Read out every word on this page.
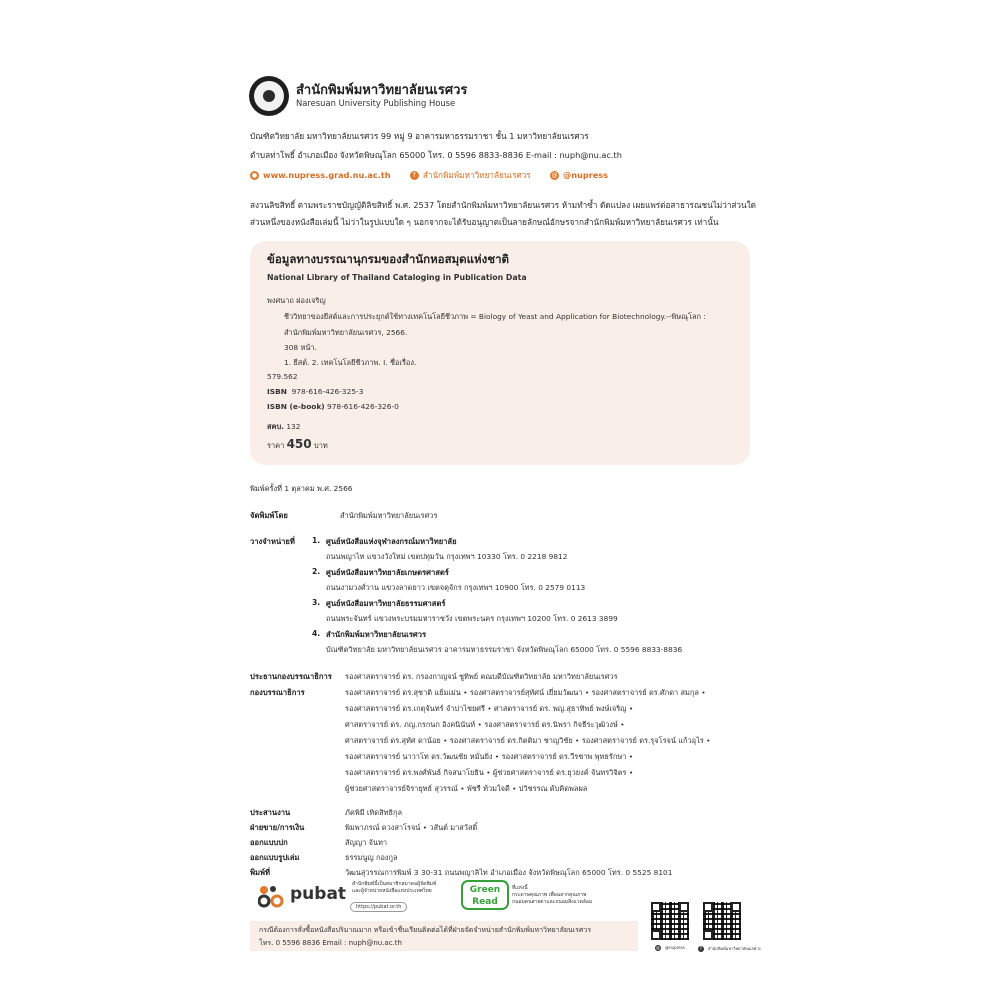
สำนักพิมพ์มหาวิทยาลัยนเรศวร
Naresuan University Publishing House
บัณฑิตวิทยาลัย มหาวิทยาลัยนเรศวร 99 หมู่ 9 อาคารมหาธรรมราชา ชั้น 1 มหาวิทยาลัยนเรศวร
ตำบลท่าโพธิ์ อำเภอเมือง จังหวัดพิษณุโลก 65000 โทร. 0 5596 8833-8836 E-mail : nuph@nu.ac.th
● www.nupress.grad.nu.ac.th	f สำนักพิมพ์มหาวิทยาลัยนเรศวร	@ @nupress
สงวนลิขสิทธิ์ ตามพระราชบัญญัติลิขสิทธิ์ พ.ศ. 2537 โดยสำนักพิมพ์มหาวิทยาลัยนเรศวร ห้ามทำซ้ำ ดัดแปลง เผยแพร่ต่อสาธารณชนไม่ว่าส่วนใด
ส่วนหนึ่งของหนังสือเล่มนี้ ไม่ว่าในรูปแบบใด ๆ นอกจากจะได้รับอนุญาตเป็นลายลักษณ์อักษรจากสำนักพิมพ์มหาวิทยาลัยนเรศวร เท่านั้น
ข้อมูลทางบรรณานุกรมของสำนักหอสมุดแห่งชาติ
National Library of Thailand Cataloging in Publication Data
พงศนาถ ผ่องเจริญ
ชีววิทยาของยีสต์และการประยุกต์ใช้ทางเทคโนโลยีชีวภาพ = Biology of Yeast and Application for Biotechnology.--พิษณุโลก :
สำนักพิมพ์มหาวิทยาลัยนเรศวร, 2566.
308 หน้า.
1. ยีสต์. 2. เทคโนโลยีชีวภาพ. I. ชื่อเรื่อง.
579.562
ISBN 978-616-426-325-3
ISBN (e-book) 978-616-426-326-0
สคบ. 132
ราคา 450 บาท
พิมพ์ครั้งที่ 1 ตุลาคม พ.ศ. 2566
จัดพิมพ์โดย	สำนักพิมพ์มหาวิทยาลัยนเรศวร
วางจำหน่ายที่ 1. ศูนย์หนังสือแห่งจุฬาลงกรณ์มหาวิทยาลัย
ถนนพญาไท แขวงวังใหม่ เขตปทุมวัน กรุงเทพฯ 10330 โทร. 0 2218 9812
2. ศูนย์หนังสือมหาวิทยาลัยเกษตรศาสตร์
ถนนงามวงศ์วาน แขวงลาดยาว เขตจตุจักร กรุงเทพฯ 10900 โทร. 0 2579 0113
3. ศูนย์หนังสือมหาวิทยาลัยธรรมศาสตร์
ถนนพระจันทร์ แขวงพระบรมมหาราชวัง เขตพระนคร กรุงเทพฯ 10200 โทร. 0 2613 3899
4. สำนักพิมพ์มหาวิทยาลัยนเรศวร
บัณฑิตวิทยาลัย มหาวิทยาลัยนเรศวร อาคารมหาธรรมราชา จังหวัดพิษณุโลก 65000 โทร. 0 5596 8833-8836
ประธานกองบรรณาธิการ รองศาสตราจารย์ ดร. กรองกาญจน์ ชูทิพย์ คณบดีบัณฑิตวิทยาลัย มหาวิทยาลัยนเรศวร
กองบรรณาธิการ	รองศาสตราจารย์ ดร.สุชาติ แย้มเม่น • รองศาสตราจารย์สุทัศน์ เยี่ยมวัฒนา • รองศาสตราจารย์ ดร.ศักดา สมกุล •
รองศาสตราจารย์ ดร.เกตุจันทร์ จำปาไชยศรี • ศาสตราจารย์ ดร. พญ.สุธาทิพย์ พงษ์เจริญ •
ศาสตราจารย์ ดร. ภญ.กรกนก อิงคนินันท์ • รองศาสตราจารย์ ดร.นิพรา กิจธีระวุฒิวงษ์ •
ศาสตราจารย์ ดร.สุทัศ ดาน้อย • รองศาสตราจารย์ ดร.กิตติมา ชาญวิชัย • รองศาสตราจารย์ ดร.รุจโรจน์ แก้วอุไร •
รองศาสตราจารย์ นาวาโท ดร.วัฒนชัย หมั่นยิ่ง • รองศาสตราจารย์ ดร.วีรชาพ พุทธรักษา •
รองศาสตราจารย์ ดร.พงศ์พันธ์ กิจสนาโยธิน • ผู้ช่วยศาสตราจารย์ ดร.ยุวยงค์ จันทรวิจิตร •
ผู้ช่วยศาสตราจารย์จิรายุทธ์ สุวรรณ์ • พัชรี ท้วมใจดี • ปวิชรรณ ดับคิดพลผล
ประสานงาน	ภัคพิมี เทิดสิทธิกุล
ฝ่ายขาย/การเงิน	พิมพาภรณ์ ดวงสาโรจน์ • วสันต์ มาสวัสดิ์
ออกแบบปก	สัญญา จันทา
ออกแบบรูปเล่ม	ธรรมนูญ กองกูล
พิมพ์ที่	วัฒนสุวรรณการพิมพ์ 3 30-31 ถนนพญาลิไท อำเภอเมือง จังหวัดพิษณุโลก 65000 โทร. 0 5525 8101
pubat สำนักพิมพ์นี้เป็นสมาชิกสมาคมผู้จัดพิมพ์
และผู้จำหน่ายหนังสือแห่งประเทศไทย
https://pubat.or.th
Green
Read
ที่แห่งนี้
กระดาษคุณภาพ เพื่อฉลากคุณภาพ
ถนอมคนสายตาและถนอมสิ่งแวดล้อม
@ @nupress	f สำนักพิมพ์มหาวิทยาลัยนเรศวร
กรณีต้องการสั่งซื้อหนังสือปริมาณมาก หรือเข้าชื่นเรียนติดต่อได้ที่ฝ่ายจัดจำหน่ายสำนักพิมพ์มหาวิทยาลัยนเรศวร
โทร. 0 5596 8836 Email : nuph@nu.ac.th
